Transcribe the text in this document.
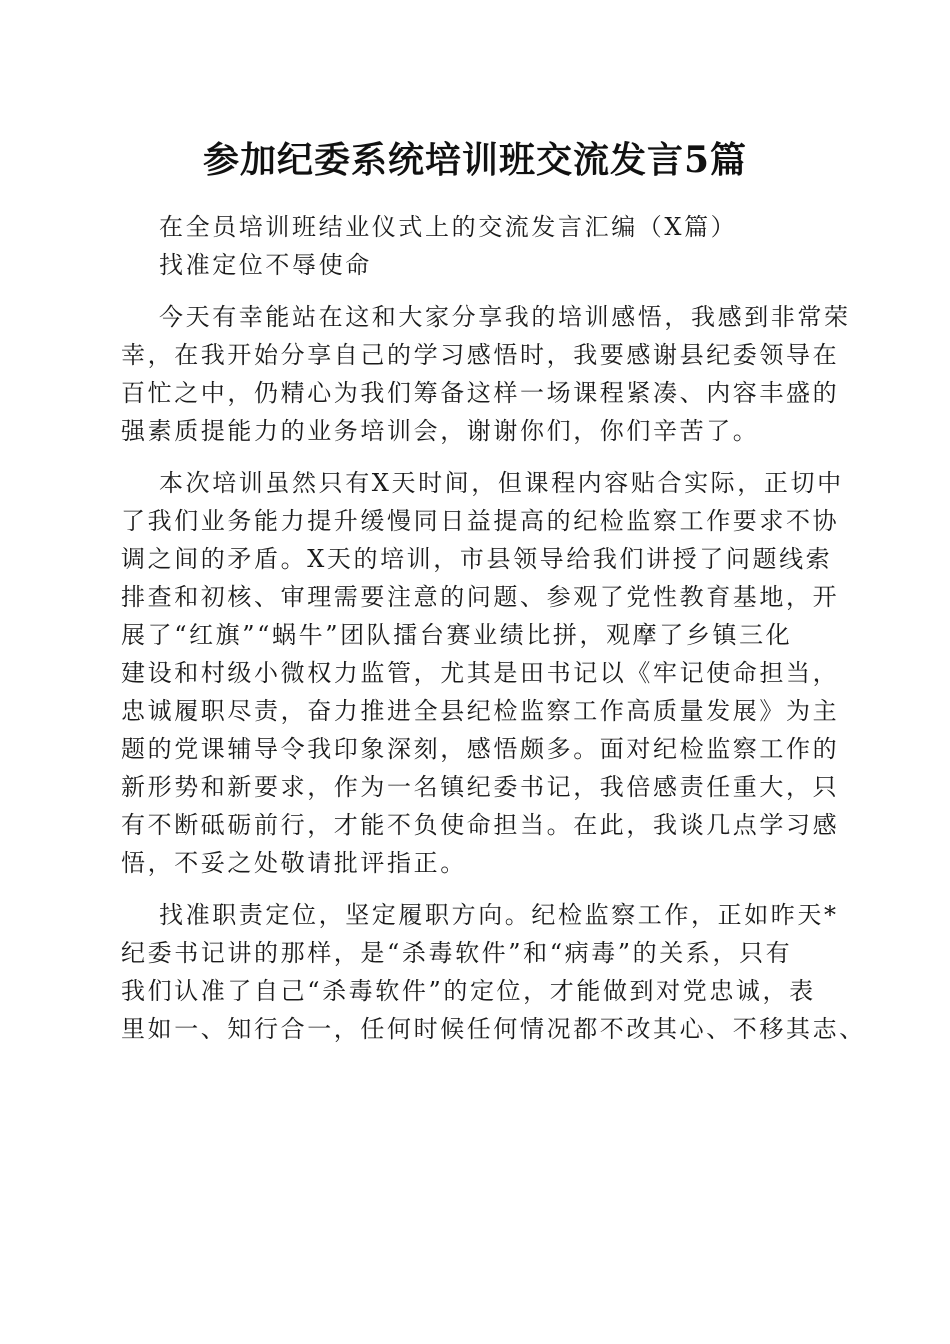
参加纪委系统培训班交流发言5篇
在全员培训班结业仪式上的交流发言汇编（X篇）
找准定位不辱使命
今天有幸能站在这和大家分享我的培训感悟，我感到非常荣
幸，在我开始分享自己的学习感悟时，我要感谢县纪委领导在
百忙之中，仍精心为我们筹备这样一场课程紧凑、内容丰盛的
强素质提能力的业务培训会，谢谢你们，你们辛苦了。
本次培训虽然只有X天时间，但课程内容贴合实际，正切中
了我们业务能力提升缓慢同日益提高的纪检监察工作要求不协
调之间的矛盾。X天的培训，市县领导给我们讲授了问题线索
排查和初核、审理需要注意的问题、参观了党性教育基地，开
展了“红旗”“蜗牛”团队擂台赛业绩比拼，观摩了乡镇三化
建设和村级小微权力监管，尤其是田书记以《牢记使命担当，
忠诚履职尽责，奋力推进全县纪检监察工作高质量发展》为主
题的党课辅导令我印象深刻，感悟颇多。面对纪检监察工作的
新形势和新要求，作为一名镇纪委书记，我倍感责任重大，只
有不断砥砺前行，才能不负使命担当。在此，我谈几点学习感
悟，不妥之处敬请批评指正。
找准职责定位，坚定履职方向。纪检监察工作，正如昨天*
纪委书记讲的那样，是“杀毒软件”和“病毒”的关系，只有
我们认准了自己“杀毒软件”的定位，才能做到对党忠诚，表
里如一、知行合一，任何时候任何情况都不改其心、不移其志、
